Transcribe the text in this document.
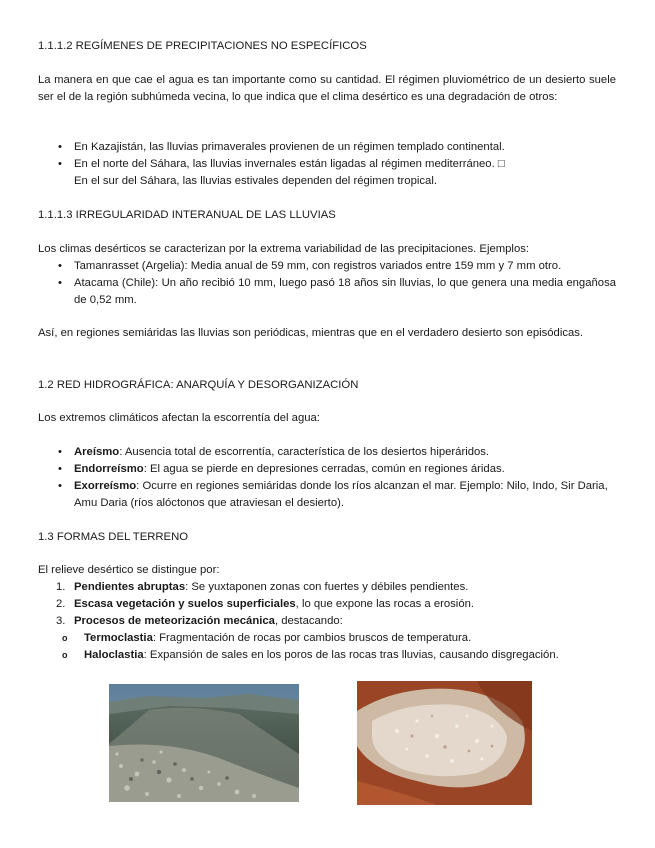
1.1.1.2 REGÍMENES DE PRECIPITACIONES NO ESPECÍFICOS

La manera en que cae el agua es tan importante como su cantidad. El régimen pluviométrico de un desierto suele ser el de la región subhúmeda vecina, lo que indica que el clima desértico es una degradación de otros:

• En Kazajistán, las lluvias primaverales provienen de un régimen templado continental.

• En el norte del Sáhara, las lluvias invernales están ligadas al régimen mediterráneo. □

En el sur del Sáhara, las lluvias estivales dependen del régimen tropical.

1.1.1.3 IRREGULARIDAD INTERANUAL DE LAS LLUVIAS

Los climas desérticos se caracterizan por la extrema variabilidad de las precipitaciones. Ejemplos:

• Tamanrasset (Argelia): Media anual de 59 mm, con registros variados entre 159 mm y 7 mm otro.

• Atacama (Chile): Un año recibió 10 mm, luego pasó 18 años sin lluvias, lo que genera una media engañosa de 0,52 mm.

Así, en regiones semiáridas las lluvias son periódicas, mientras que en el verdadero desierto son episódicas.

1.2 RED HIDROGRÁFICA: ANARQUÍA Y DESORGANIZACIÓN

Los extremos climáticos afectan la escorrentía del agua:

• Areísmo: Ausencia total de escorrentía, característica de los desiertos hiperáridos.

• Endorreísmo: El agua se pierde en depresiones cerradas, común en regiones áridas.

• Exorreísmo: Ocurre en regiones semiáridas donde los ríos alcanzan el mar. Ejemplo: Nilo, Indo, Sir Daria, Amu Daria (ríos alóctonos que atraviesan el desierto).

1.3 FORMAS DEL TERRENO

El relieve desértico se distingue por:

1. Pendientes abruptas: Se yuxtaponen zonas con fuertes y débiles pendientes.

2. Escasa vegetación y suelos superficiales, lo que expone las rocas a erosión.

3. Procesos de meteorización mecánica, destacando:

o Termoclastia: Fragmentación de rocas por cambios bruscos de temperatura.

o Haloclastia: Expansión de sales en los poros de las rocas tras lluvias, causando disgregación.
